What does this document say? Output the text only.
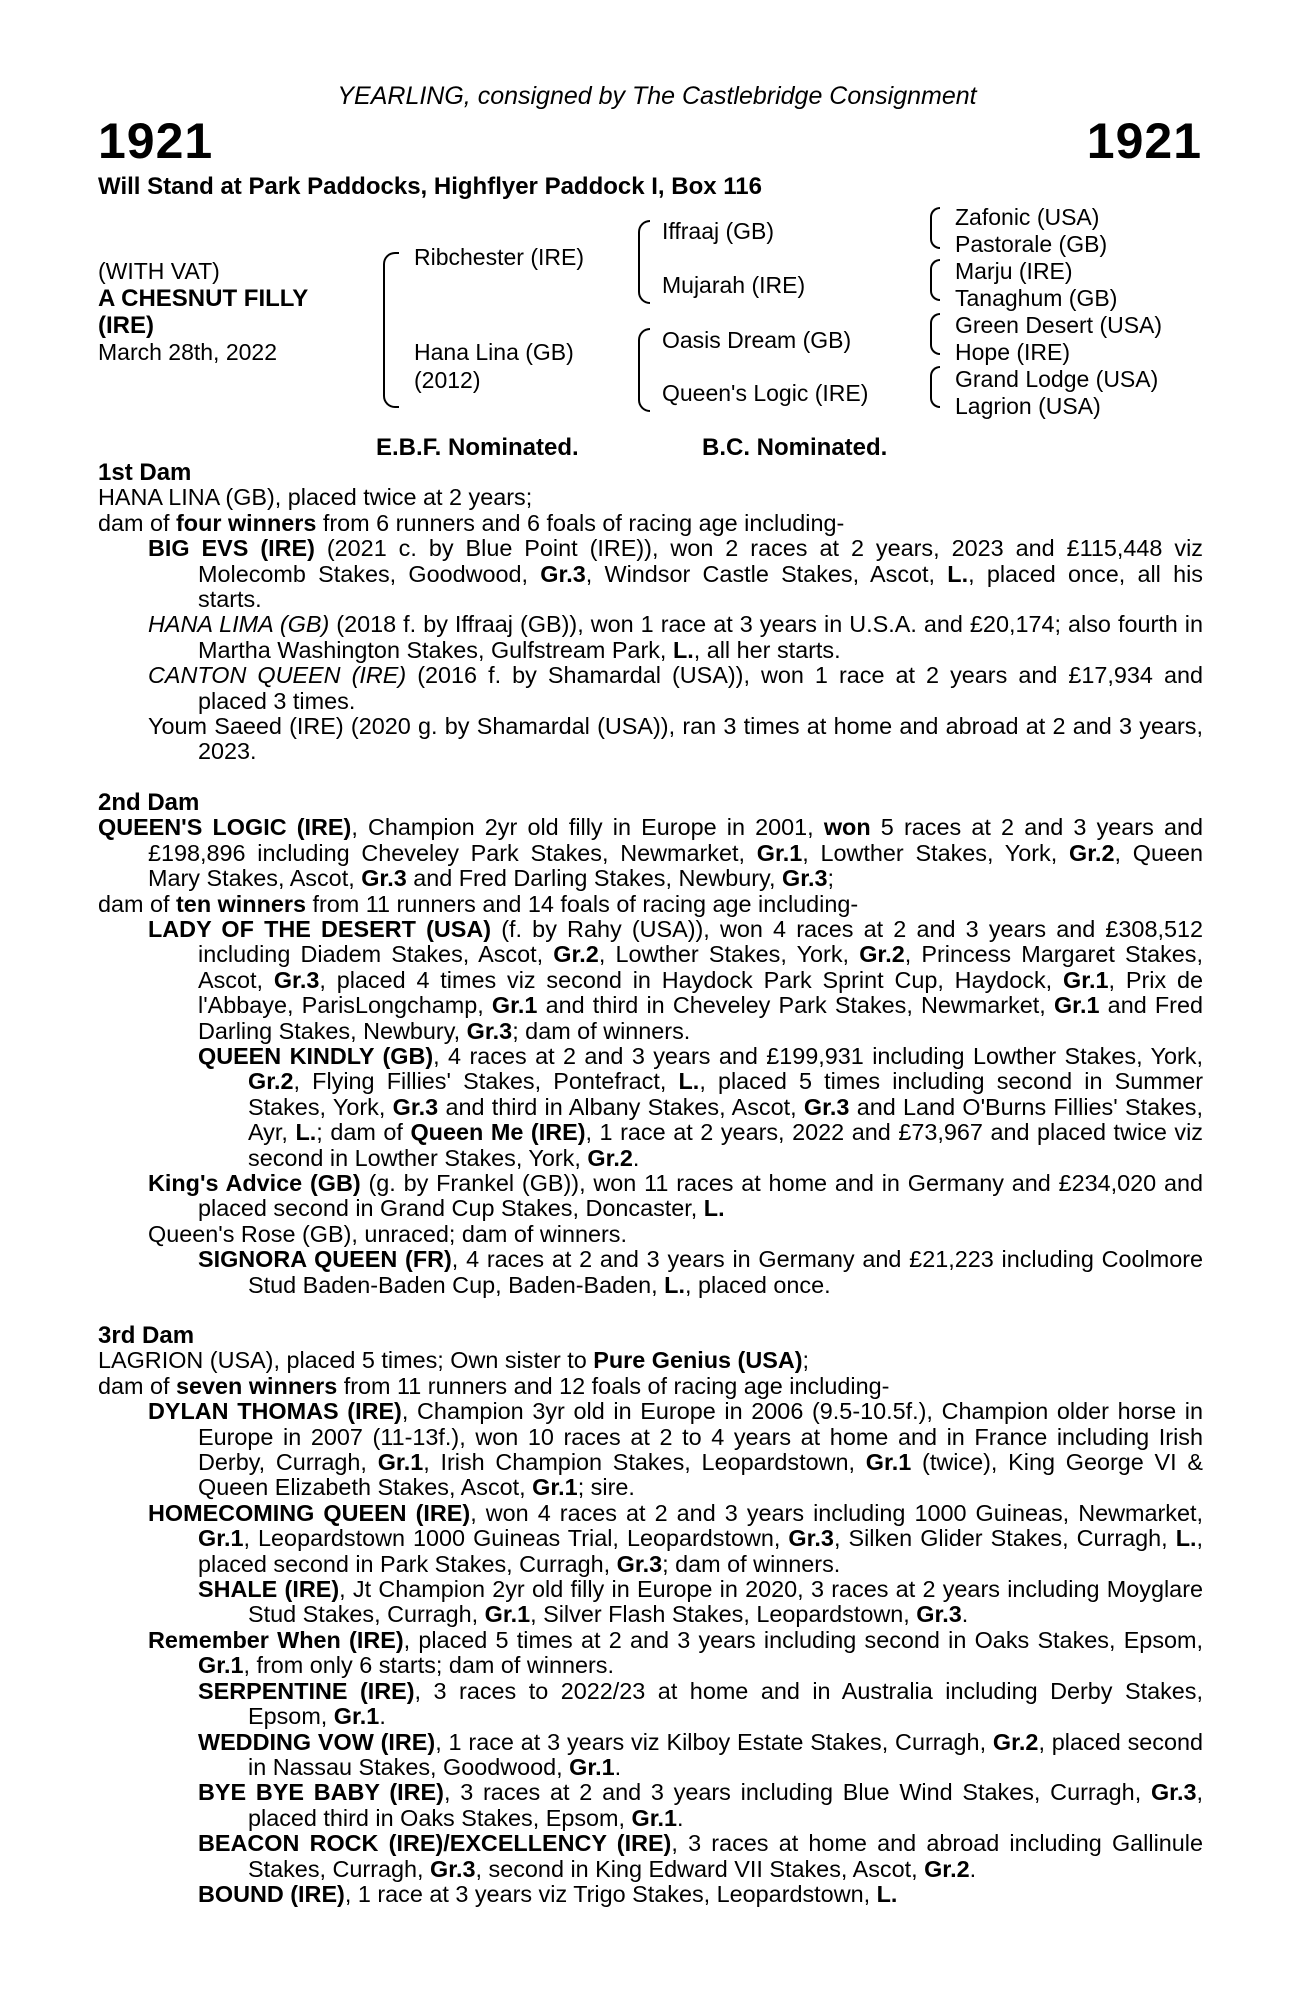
YEARLING, consigned by The Castlebridge Consignment
1921	1921
Will Stand at Park Paddocks, Highflyer Paddock I, Box 116
(WITH VAT)
A CHESNUT FILLY
(IRE)
March 28th, 2022
Ribchester (IRE)
Hana Lina (GB)
(2012)
Iffraaj (GB)
Mujarah (IRE)
Oasis Dream (GB)
Queen's Logic (IRE)
Zafonic (USA)
Pastorale (GB)
Marju (IRE)
Tanaghum (GB)
Green Desert (USA)
Hope (IRE)
Grand Lodge (USA)
Lagrion (USA)
E.B.F. Nominated.	B.C. Nominated.
1st Dam
HANA LINA (GB), placed twice at 2 years;
dam of four winners from 6 runners and 6 foals of racing age including-
BIG EVS (IRE) (2021 c. by Blue Point (IRE)), won 2 races at 2 years, 2023 and £115,448 viz Molecomb Stakes, Goodwood, Gr.3, Windsor Castle Stakes, Ascot, L., placed once, all his starts.
HANA LIMA (GB) (2018 f. by Iffraaj (GB)), won 1 race at 3 years in U.S.A. and £20,174; also fourth in Martha Washington Stakes, Gulfstream Park, L., all her starts.
CANTON QUEEN (IRE) (2016 f. by Shamardal (USA)), won 1 race at 2 years and £17,934 and placed 3 times.
Youm Saeed (IRE) (2020 g. by Shamardal (USA)), ran 3 times at home and abroad at 2 and 3 years, 2023.
2nd Dam
QUEEN'S LOGIC (IRE), Champion 2yr old filly in Europe in 2001, won 5 races at 2 and 3 years and £198,896 including Cheveley Park Stakes, Newmarket, Gr.1, Lowther Stakes, York, Gr.2, Queen Mary Stakes, Ascot, Gr.3 and Fred Darling Stakes, Newbury, Gr.3;
dam of ten winners from 11 runners and 14 foals of racing age including-
LADY OF THE DESERT (USA) (f. by Rahy (USA)), won 4 races at 2 and 3 years and £308,512 including Diadem Stakes, Ascot, Gr.2, Lowther Stakes, York, Gr.2, Princess Margaret Stakes, Ascot, Gr.3, placed 4 times viz second in Haydock Park Sprint Cup, Haydock, Gr.1, Prix de l'Abbaye, ParisLongchamp, Gr.1 and third in Cheveley Park Stakes, Newmarket, Gr.1 and Fred Darling Stakes, Newbury, Gr.3; dam of winners.
QUEEN KINDLY (GB), 4 races at 2 and 3 years and £199,931 including Lowther Stakes, York, Gr.2, Flying Fillies' Stakes, Pontefract, L., placed 5 times including second in Summer Stakes, York, Gr.3 and third in Albany Stakes, Ascot, Gr.3 and Land O'Burns Fillies' Stakes, Ayr, L.; dam of Queen Me (IRE), 1 race at 2 years, 2022 and £73,967 and placed twice viz second in Lowther Stakes, York, Gr.2.
King's Advice (GB) (g. by Frankel (GB)), won 11 races at home and in Germany and £234,020 and placed second in Grand Cup Stakes, Doncaster, L.
Queen's Rose (GB), unraced; dam of winners.
SIGNORA QUEEN (FR), 4 races at 2 and 3 years in Germany and £21,223 including Coolmore Stud Baden-Baden Cup, Baden-Baden, L., placed once.
3rd Dam
LAGRION (USA), placed 5 times; Own sister to Pure Genius (USA);
dam of seven winners from 11 runners and 12 foals of racing age including-
DYLAN THOMAS (IRE), Champion 3yr old in Europe in 2006 (9.5-10.5f.), Champion older horse in Europe in 2007 (11-13f.), won 10 races at 2 to 4 years at home and in France including Irish Derby, Curragh, Gr.1, Irish Champion Stakes, Leopardstown, Gr.1 (twice), King George VI & Queen Elizabeth Stakes, Ascot, Gr.1; sire.
HOMECOMING QUEEN (IRE), won 4 races at 2 and 3 years including 1000 Guineas, Newmarket, Gr.1, Leopardstown 1000 Guineas Trial, Leopardstown, Gr.3, Silken Glider Stakes, Curragh, L., placed second in Park Stakes, Curragh, Gr.3; dam of winners.
SHALE (IRE), Jt Champion 2yr old filly in Europe in 2020, 3 races at 2 years including Moyglare Stud Stakes, Curragh, Gr.1, Silver Flash Stakes, Leopardstown, Gr.3.
Remember When (IRE), placed 5 times at 2 and 3 years including second in Oaks Stakes, Epsom, Gr.1, from only 6 starts; dam of winners.
SERPENTINE (IRE), 3 races to 2022/23 at home and in Australia including Derby Stakes, Epsom, Gr.1.
WEDDING VOW (IRE), 1 race at 3 years viz Kilboy Estate Stakes, Curragh, Gr.2, placed second in Nassau Stakes, Goodwood, Gr.1.
BYE BYE BABY (IRE), 3 races at 2 and 3 years including Blue Wind Stakes, Curragh, Gr.3, placed third in Oaks Stakes, Epsom, Gr.1.
BEACON ROCK (IRE)/EXCELLENCY (IRE), 3 races at home and abroad including Gallinule Stakes, Curragh, Gr.3, second in King Edward VII Stakes, Ascot, Gr.2.
BOUND (IRE), 1 race at 3 years viz Trigo Stakes, Leopardstown, L.
